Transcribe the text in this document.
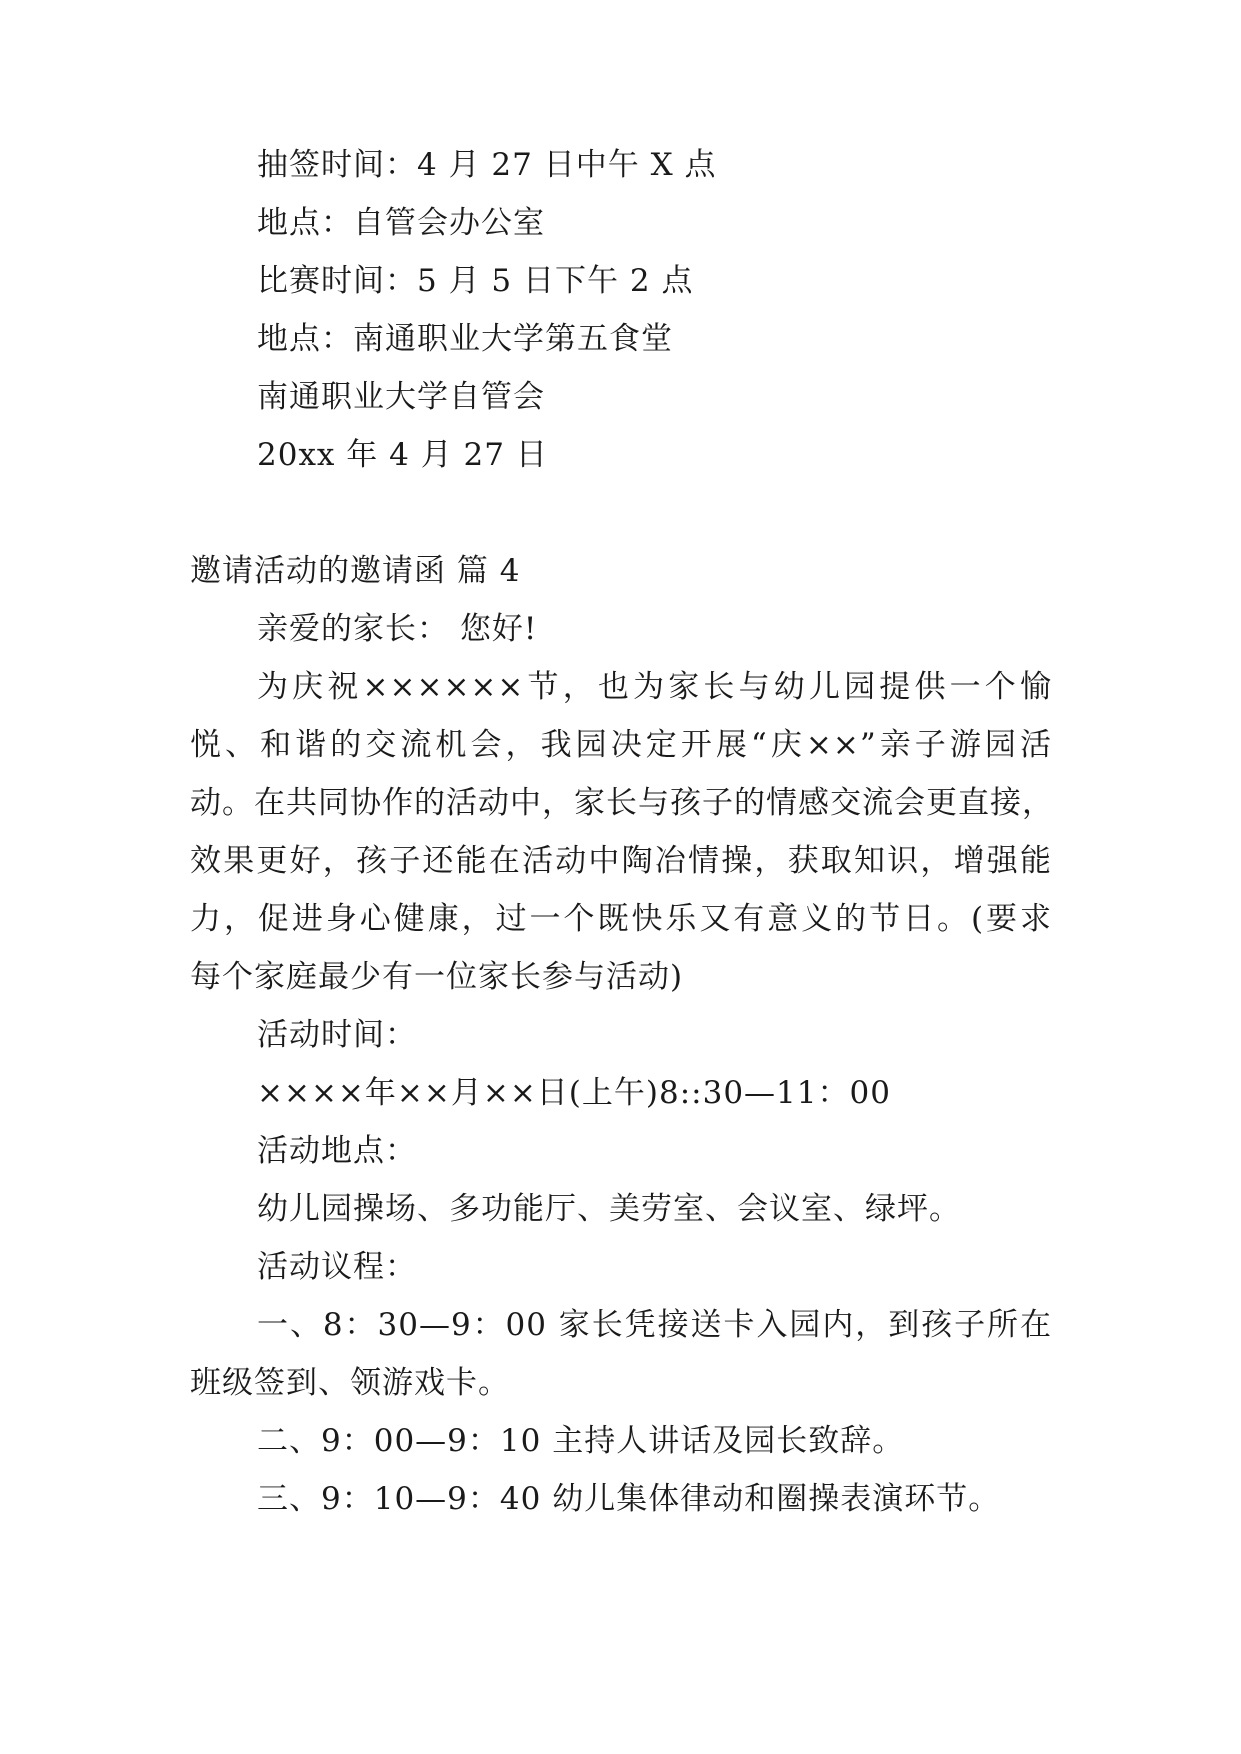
抽签时间：4 月 27 日中午 X 点
地点：自管会办公室
比赛时间：5 月 5 日下午 2 点
地点：南通职业大学第五食堂
南通职业大学自管会
20xx 年 4 月 27 日
邀请活动的邀请函 篇 4
亲爱的家长： 您好!
为庆祝××××××节，也为家长与幼儿园提供一个愉
悦、和谐的交流机会，我园决定开展“庆××”亲子游园活
动。在共同协作的活动中，家长与孩子的情感交流会更直接，
效果更好，孩子还能在活动中陶冶情操，获取知识，增强能
力，促进身心健康，过一个既快乐又有意义的节日。(要求
每个家庭最少有一位家长参与活动)
活动时间：
××××年××月××日(上午)8::30—11：00
活动地点：
幼儿园操场、多功能厅、美劳室、会议室、绿坪。
活动议程：
一、8：30—9：00 家长凭接送卡入园内，到孩子所在
班级签到、领游戏卡。
二、9：00—9：10 主持人讲话及园长致辞。
三、9：10—9：40 幼儿集体律动和圈操表演环节。
